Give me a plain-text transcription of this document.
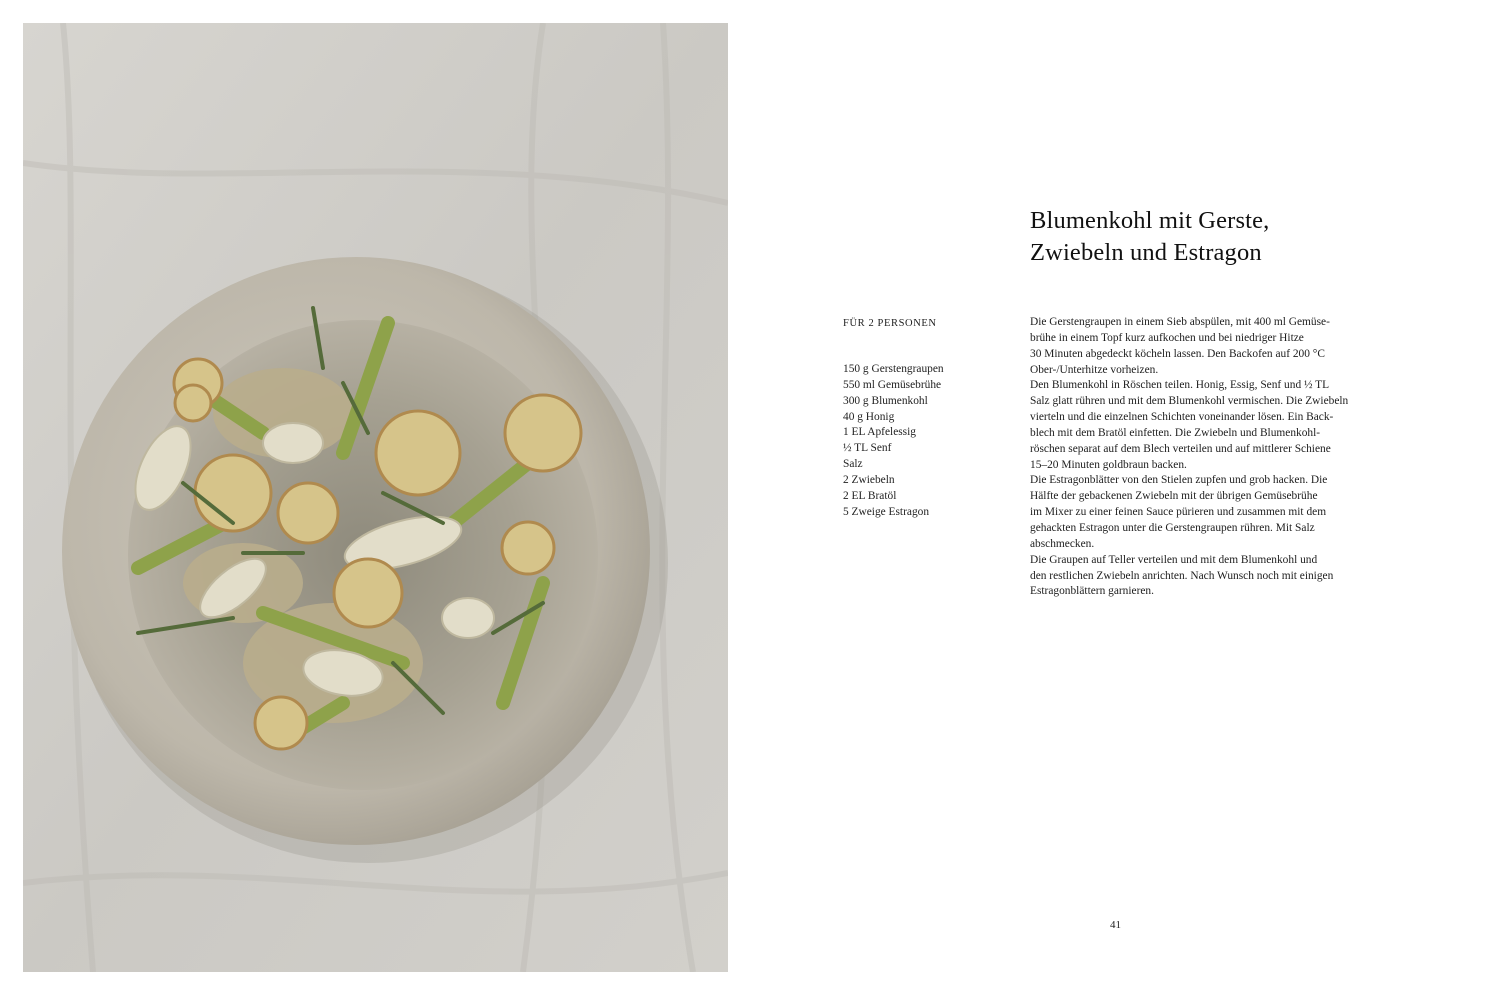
Blumenkohl mit Gerste,
Zwiebeln und Estragon
FÜR 2 PERSONEN
150 g Gerstengraupen
550 ml Gemüsebrühe
300 g Blumenkohl
40 g Honig
1 EL Apfelessig
½ TL Senf
Salz
2 Zwiebeln
2 EL Bratöl
5 Zweige Estragon

Die Gerstengraupen in einem Sieb abspülen, mit 400 ml Gemüse-
brühe in einem Topf kurz aufkochen und bei niedriger Hitze
30 Minuten abgedeckt köcheln lassen. Den Backofen auf 200 °C
Ober-/Unterhitze vorheizen.

Den Blumenkohl in Röschen teilen. Honig, Essig, Senf und ½ TL
Salz glatt rühren und mit dem Blumenkohl vermischen. Die Zwiebeln
vierteln und die einzelnen Schichten voneinander lösen. Ein Back-
blech mit dem Bratöl einfetten. Die Zwiebeln und Blumenkohl-
röschen separat auf dem Blech verteilen und auf mittlerer Schiene
15–20 Minuten goldbraun backen.

Die Estragonblätter von den Stielen zupfen und grob hacken. Die
Hälfte der gebackenen Zwiebeln mit der übrigen Gemüsebrühe
im Mixer zu einer feinen Sauce pürieren und zusammen mit dem
gehackten Estragon unter die Gerstengraupen rühren. Mit Salz
abschmecken.

Die Graupen auf Teller verteilen und mit dem Blumenkohl und
den restlichen Zwiebeln anrichten. Nach Wunsch noch mit einigen
Estragonblättern garnieren.

41
